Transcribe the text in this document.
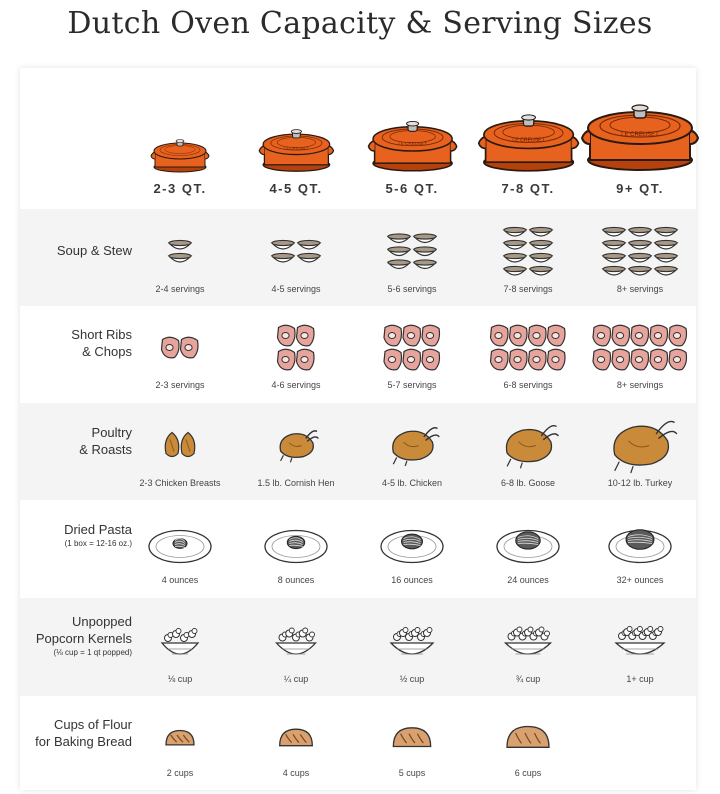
Dutch Oven Capacity & Serving Sizes
LE CREUSET
LE CREUSET	LE CREUSET
LE CREUSET
2-3 QT.	4-5 QT.	5-6 QT.	7-8 QT.	9+ QT.
Soup & Stew
2-4 servings	4-5 servings	5-6 servings	7-8 servings	8+ servings
Short Ribs
& Chops
2-3 servings	4-6 servings	5-7 servings	6-8 servings	8+ servings
Poultry
& Roasts
2-3 Chicken Breasts	1.5 lb. Cornish Hen	4-5 lb. Chicken	6-8 lb. Goose	10-12 lb. Turkey
Dried Pasta
(1 box = 12-16 oz.)
4 ounces	8 ounces	16 ounces	24 ounces	32+ ounces
Unpopped
Popcorn Kernels
(⅛ cup = 1 qt popped)
⅛ cup	¼ cup	½ cup	¾ cup	1+ cup
Cups of Flour
for Baking Bread
2 cups	4 cups	5 cups	6 cups
